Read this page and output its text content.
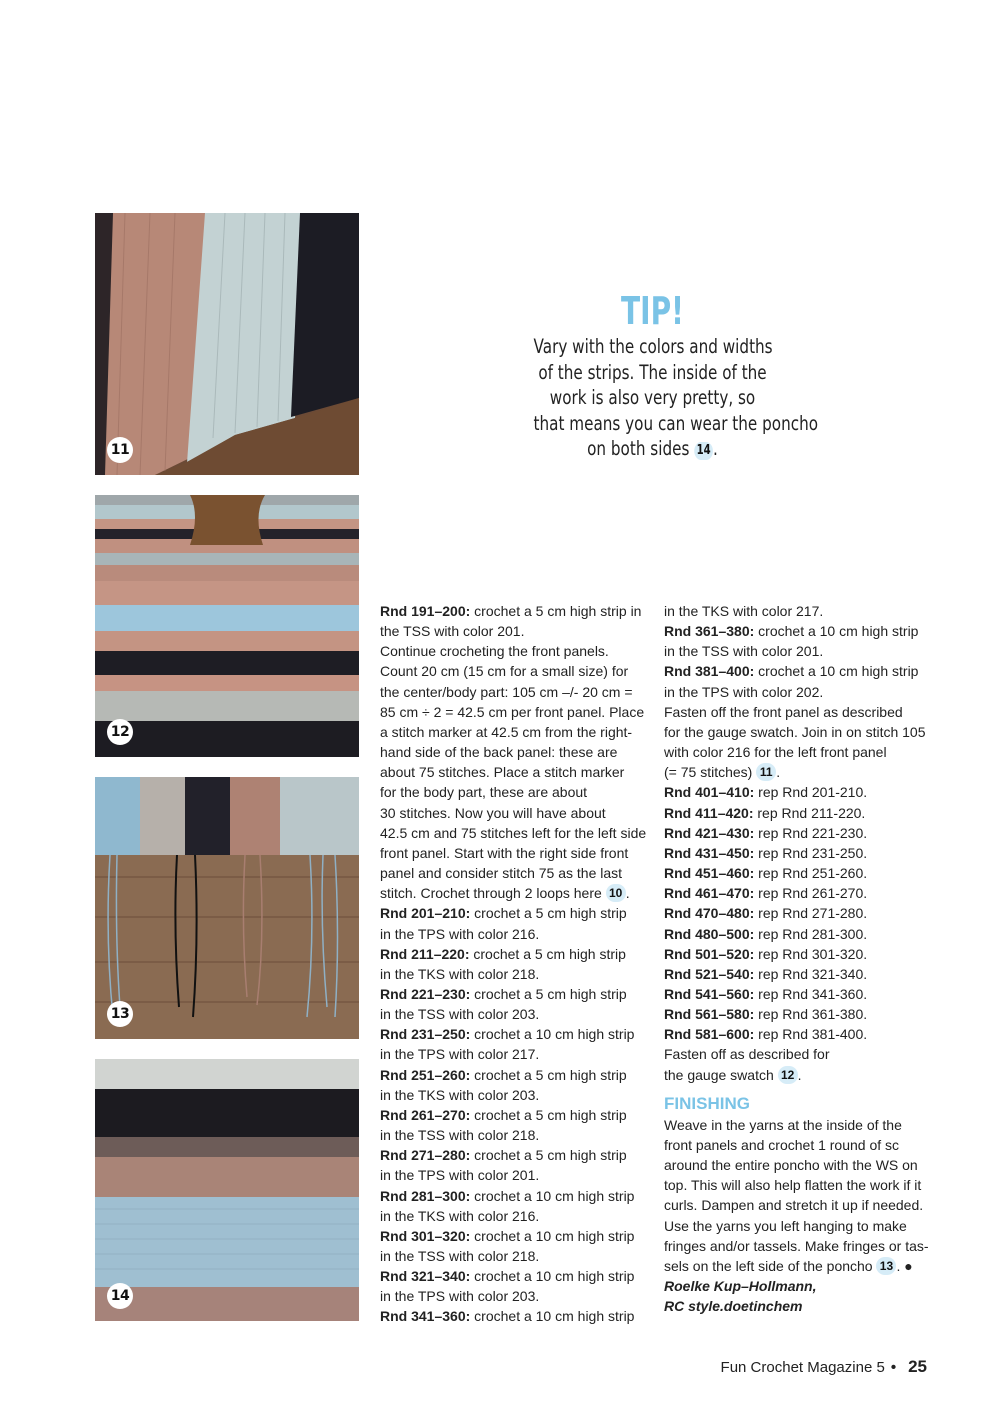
11
12
13
14
TIP!
Vary with the colors and widths
of the strips. The inside of the
work is also very pretty, so
that means you can wear the poncho
on both sides 14 .
Rnd 191–200: crochet a 5 cm high strip in
the TSS with color 201.
Continue crocheting the front panels.
Count 20 cm (15 cm for a small size) for
the center/body part: 105 cm –/- 20 cm =
85 cm ÷ 2 = 42.5 cm per front panel. Place
a stitch marker at 42.5 cm from the right-
hand side of the back panel: these are
about 75 stitches. Place a stitch marker
for the body part, these are about
30 stitches. Now you will have about
42.5 cm and 75 stitches left for the left side
front panel. Start with the right side front
panel and consider stitch 75 as the last
stitch. Crochet through 2 loops here 10 .
Rnd 201–210: crochet a 5 cm high strip
in the TPS with color 216.
Rnd 211–220: crochet a 5 cm high strip
in the TKS with color 218.
Rnd 221–230: crochet a 5 cm high strip
in the TSS with color 203.
Rnd 231–250: crochet a 10 cm high strip
in the TPS with color 217.
Rnd 251–260: crochet a 5 cm high strip
in the TKS with color 203.
Rnd 261–270: crochet a 5 cm high strip
in the TSS with color 218.
Rnd 271–280: crochet a 5 cm high strip
in the TPS with color 201.
Rnd 281–300: crochet a 10 cm high strip
in the TKS with color 216.
Rnd 301–320: crochet a 10 cm high strip
in the TSS with color 218.
Rnd 321–340: crochet a 10 cm high strip
in the TPS with color 203.
Rnd 341–360: crochet a 10 cm high strip
in the TKS with color 217.
Rnd 361–380: crochet a 10 cm high strip
in the TSS with color 201.
Rnd 381–400: crochet a 10 cm high strip
in the TPS with color 202.
Fasten off the front panel as described
for the gauge swatch. Join in on stitch 105
with color 216 for the left front panel
(= 75 stitches) 11 .
Rnd 401–410: rep Rnd 201-210.
Rnd 411–420: rep Rnd 211-220.
Rnd 421–430: rep Rnd 221-230.
Rnd 431–450: rep Rnd 231-250.
Rnd 451–460: rep Rnd 251-260.
Rnd 461–470: rep Rnd 261-270.
Rnd 470–480: rep Rnd 271-280.
Rnd 480–500: rep Rnd 281-300.
Rnd 501–520: rep Rnd 301-320.
Rnd 521–540: rep Rnd 321-340.
Rnd 541–560: rep Rnd 341-360.
Rnd 561–580: rep Rnd 361-380.
Rnd 581–600: rep Rnd 381-400.
Fasten off as described for
the gauge swatch 12 .
FINISHING
Weave in the yarns at the inside of the
front panels and crochet 1 round of sc
around the entire poncho with the WS on
top. This will also help flatten the work if it
curls. Dampen and stretch it up if needed.
Use the yarns you left hanging to make
fringes and/or tassels. Make fringes or tas-
sels on the left side of the poncho 13 . ●
Roelke Kup–Hollmann,
RC style.doetinchem
Fun Crochet Magazine 5 • 25
